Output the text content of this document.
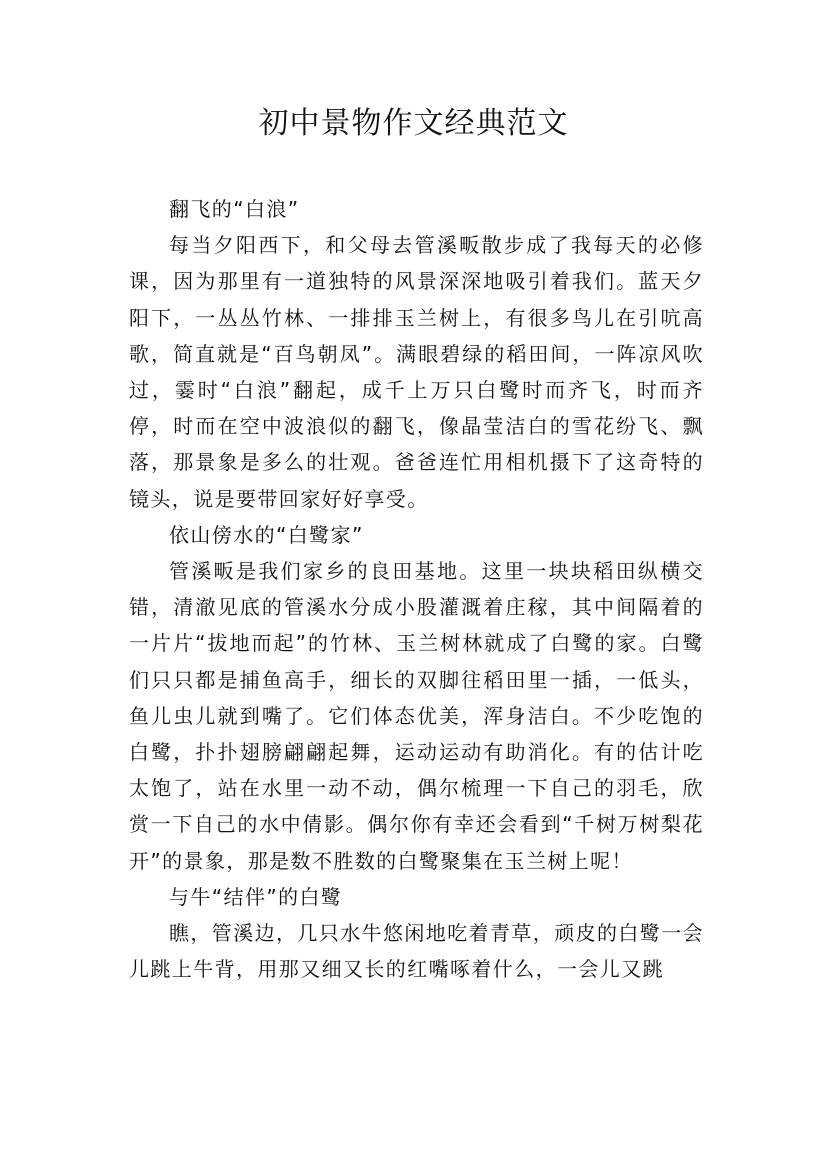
初中景物作文经典范文

翻飞的“白浪”

每当夕阳西下，和父母去管溪畈散步成了我每天的必修课，因为那里有一道独特的风景深深地吸引着我们。蓝天夕阳下，一丛丛竹林、一排排玉兰树上，有很多鸟儿在引吭高歌，简直就是“百鸟朝凤”。满眼碧绿的稻田间，一阵凉风吹过，霎时“白浪”翻起，成千上万只白鹭时而齐飞，时而齐停，时而在空中波浪似的翻飞，像晶莹洁白的雪花纷飞、飘落，那景象是多么的壮观。爸爸连忙用相机摄下了这奇特的镜头，说是要带回家好好享受。

依山傍水的“白鹭家”

管溪畈是我们家乡的良田基地。这里一块块稻田纵横交错，清澈见底的管溪水分成小股灌溉着庄稼，其中间隔着的一片片“拔地而起”的竹林、玉兰树林就成了白鹭的家。白鹭们只只都是捕鱼高手，细长的双脚往稻田里一插，一低头，鱼儿虫儿就到嘴了。它们体态优美，浑身洁白。不少吃饱的白鹭，扑扑翅膀翩翩起舞，运动运动有助消化。有的估计吃太饱了，站在水里一动不动，偶尔梳理一下自己的羽毛，欣赏一下自己的水中倩影。偶尔你有幸还会看到“千树万树梨花开”的景象，那是数不胜数的白鹭聚集在玉兰树上呢！

与牛“结伴”的白鹭

瞧，管溪边，几只水牛悠闲地吃着青草，顽皮的白鹭一会儿跳上牛背，用那又细又长的红嘴啄着什么，一会儿又跳
